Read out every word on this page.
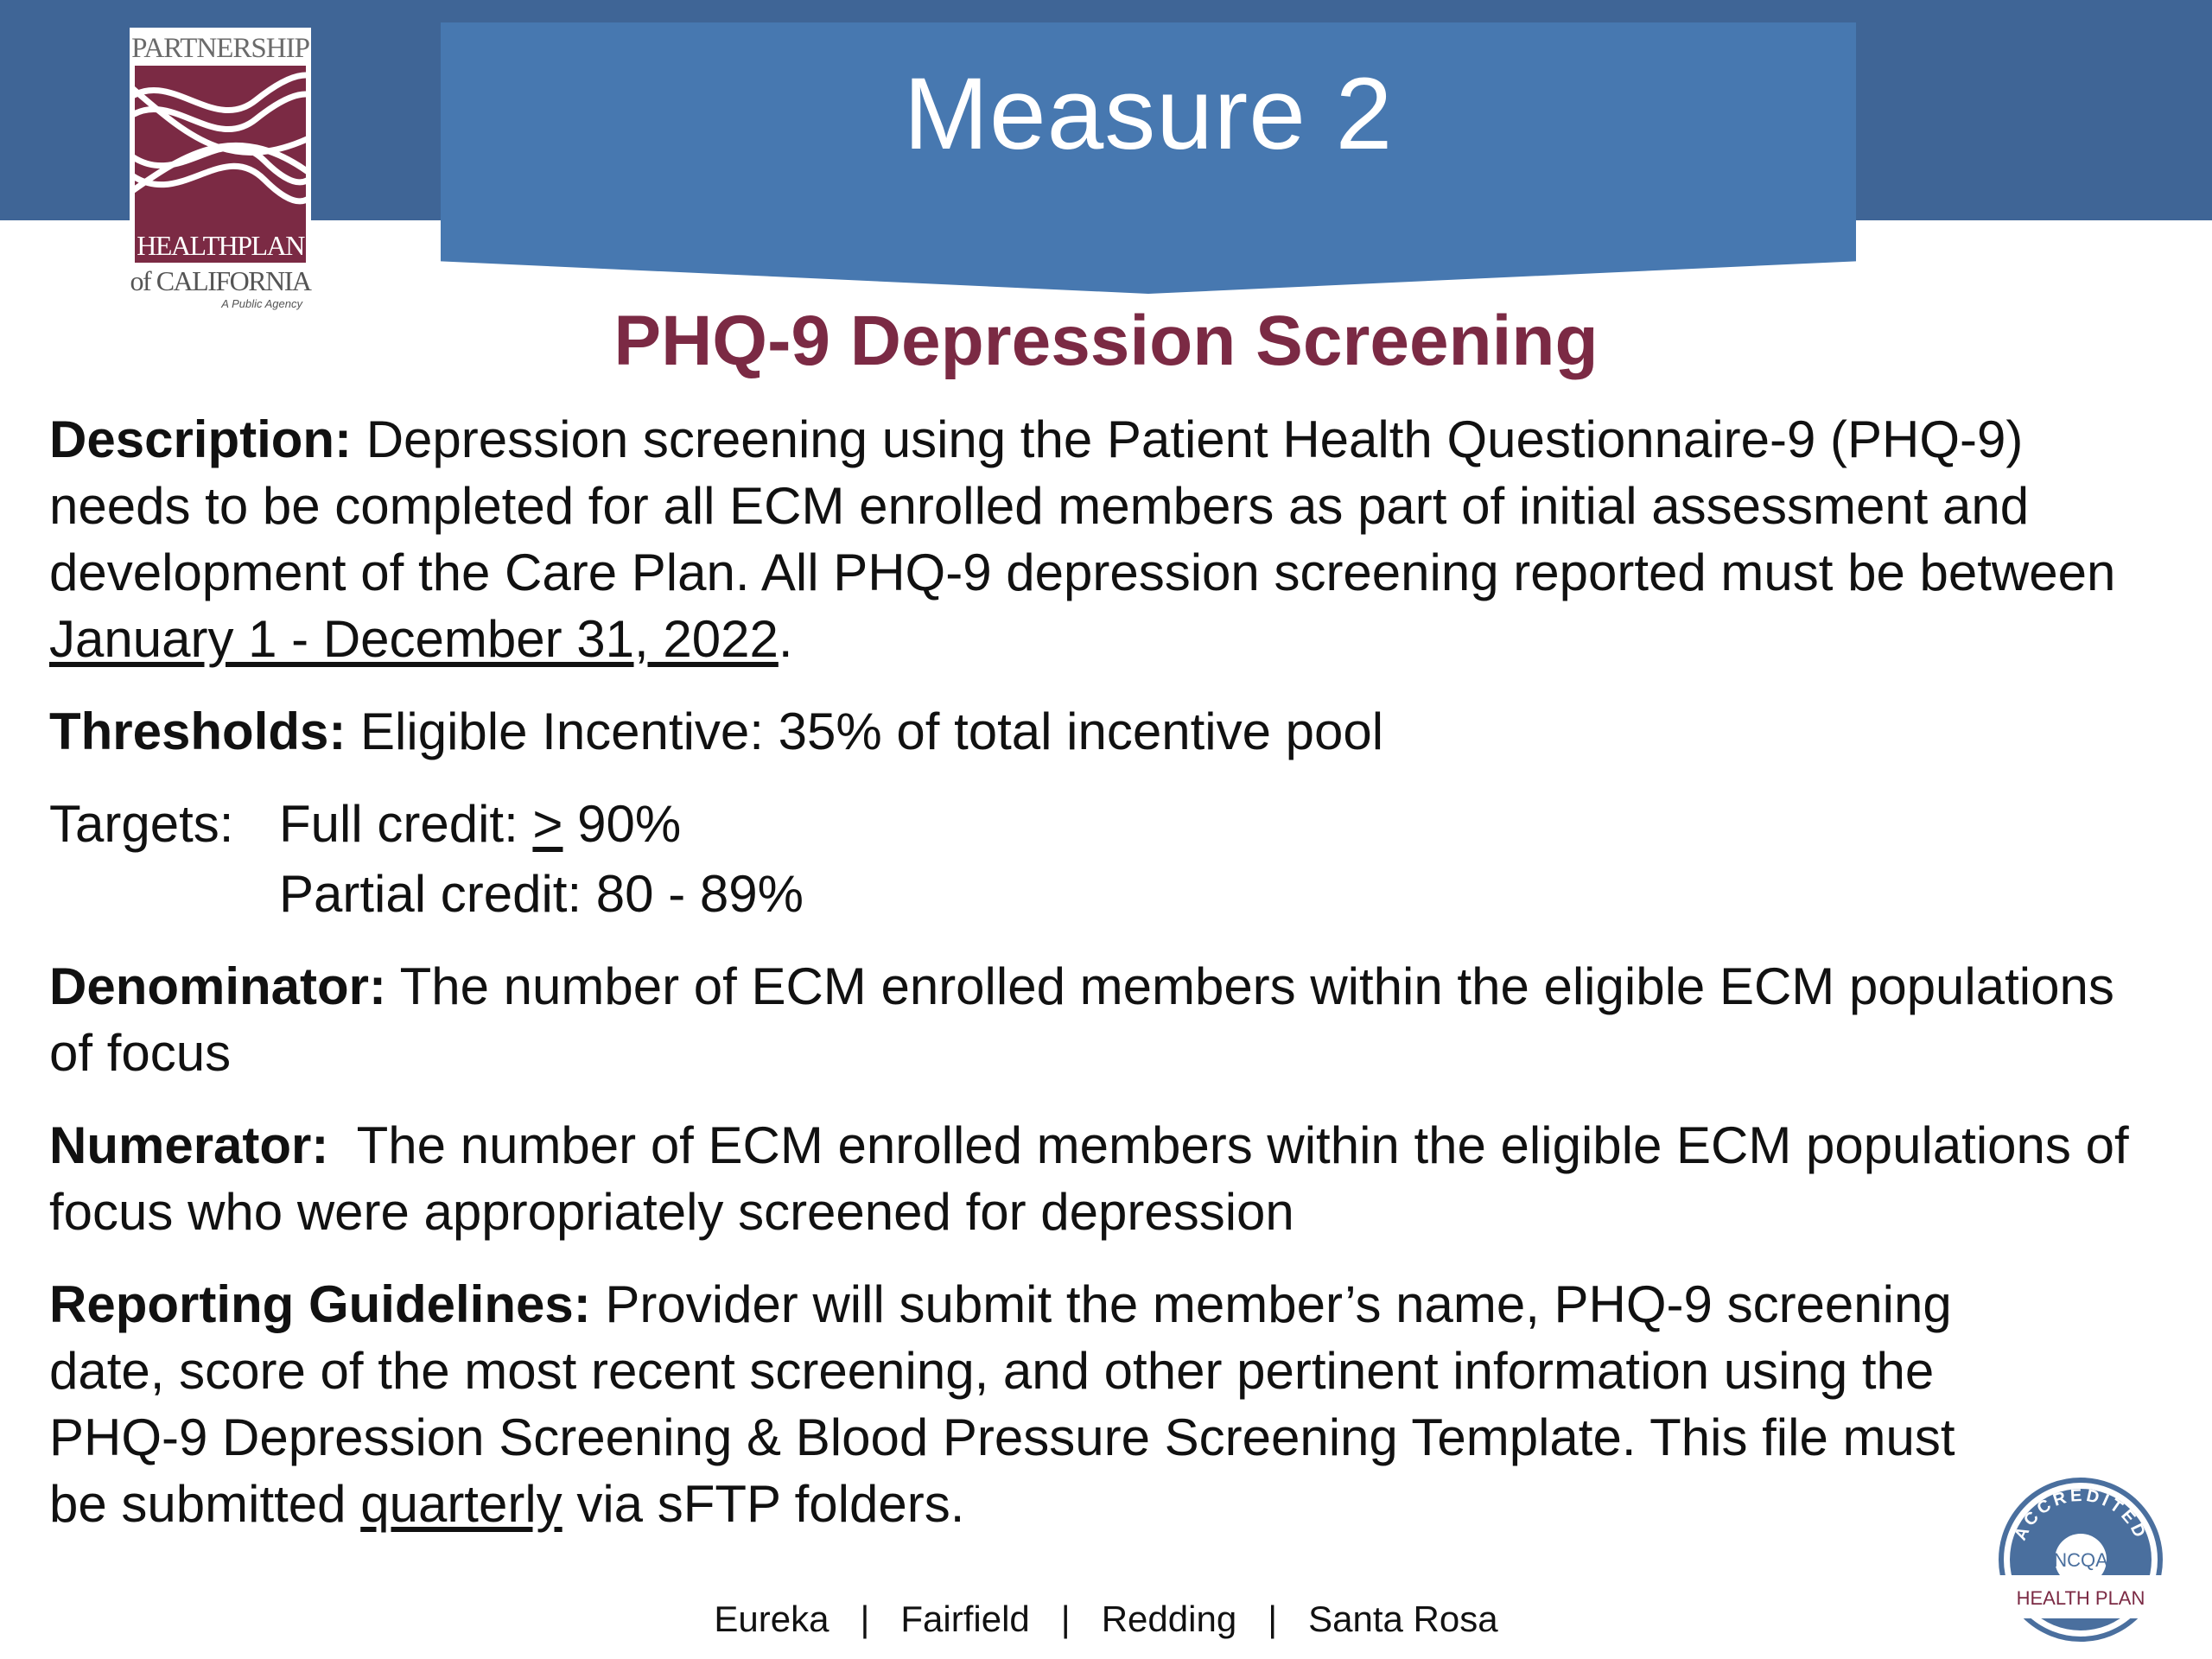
Measure 2
PARTNERSHIP
HEALTHPLAN
of CALIFORNIA
A Public Agency	PHQ-9 Depression Screening

Description: Depression screening using the Patient Health Questionnaire-9 (PHQ-9) needs to be completed for all ECM enrolled members as part of initial assessment and development of the Care Plan. All PHQ-9 depression screening reported must be between January 1 - December 31, 2022.

Thresholds: Eligible Incentive: 35% of total incentive pool

Targets: Full credit: > 90%
Partial credit: 80 - 89%

Denominator: The number of ECM enrolled members within the eligible ECM populations of focus

Numerator:  The number of ECM enrolled members within the eligible ECM populations of focus who were appropriately screened for depression

Reporting Guidelines: Provider will submit the member’s name, PHQ-9 screening date, score of the most recent screening, and other pertinent information using the PHQ-9 Depression Screening & Blood Pressure Screening Template. This file must be submitted quarterly via sFTP folders.

Eureka | Fairfield | Redding | Santa Rosa
ACCREDITED
NCQA
HEALTH PLAN
